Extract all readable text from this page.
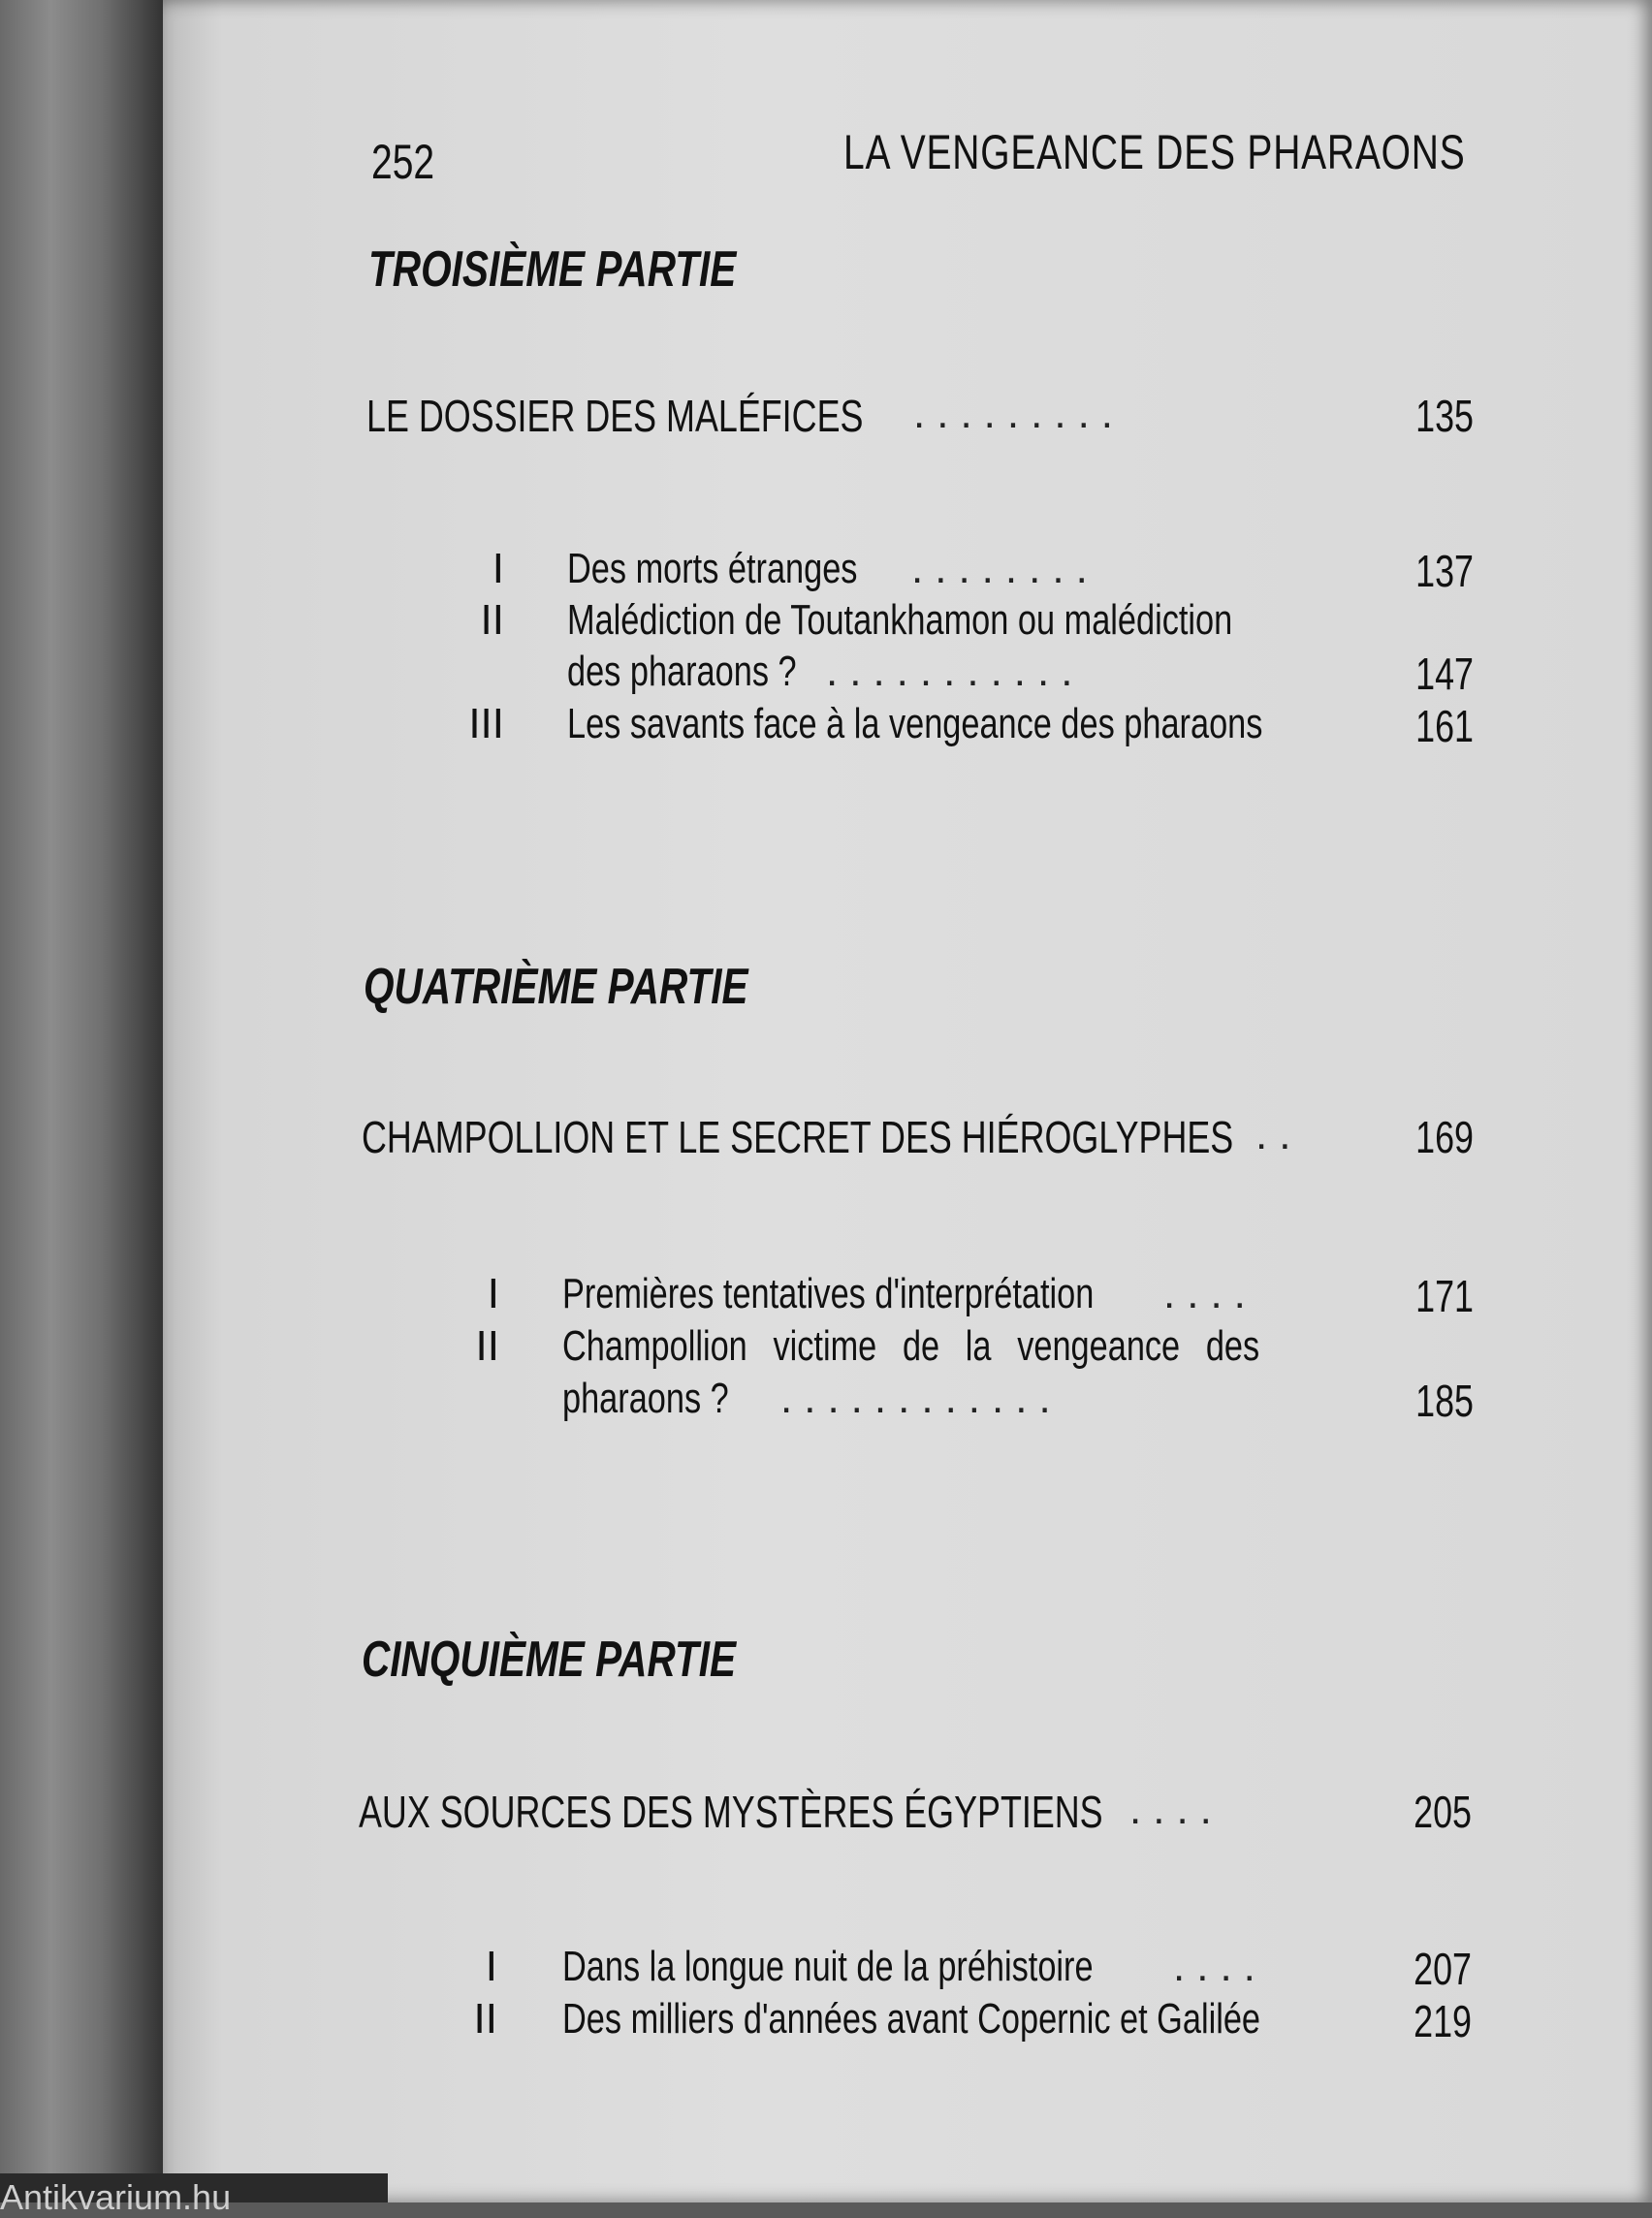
252	LA VENGEANCE DES PHARAONS
TROISIÈME PARTIE
LE DOSSIER DES MALÉFICES .........	135
I Des morts étranges ........	137
II Malédiction de Toutankhamon ou malédiction
des pharaons ? ...........	147
III Les savants face à la vengeance des pharaons	161
QUATRIÈME PARTIE
CHAMPOLLION ET LE SECRET DES HIÉROGLYPHES ..	169
I Premières tentatives d'interprétation ....	171
II Champollion victime de la vengeance des
pharaons ? ............	185
CINQUIÈME PARTIE
AUX SOURCES DES MYSTÈRES ÉGYPTIENS ....	205
I Dans la longue nuit de la préhistoire ....	207
II Des milliers d'années avant Copernic et Galilée	219
Antikvarium.hu
